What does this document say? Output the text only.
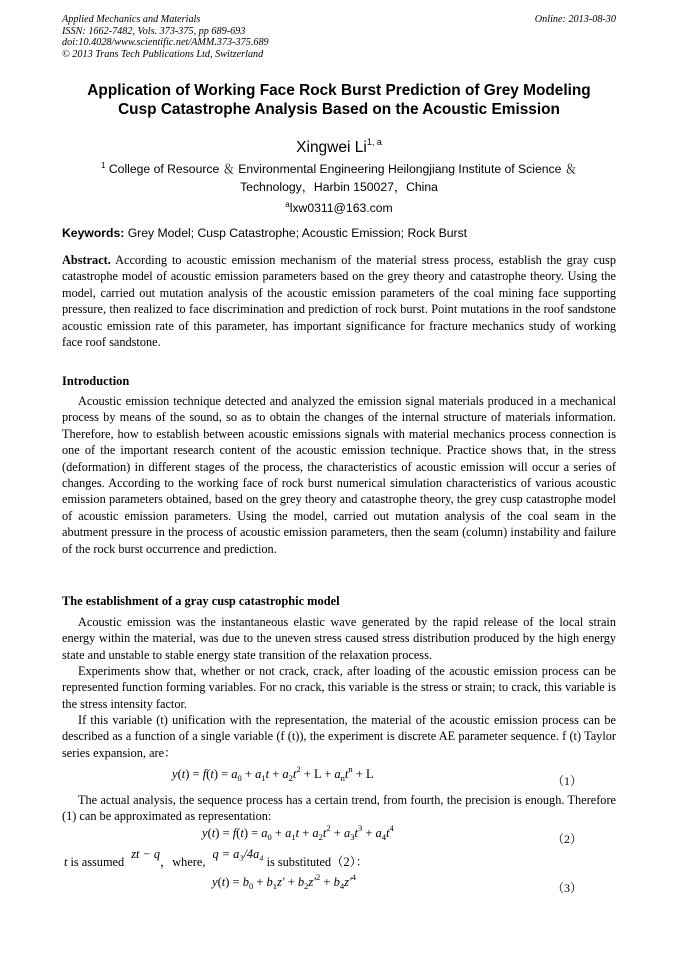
Applied Mechanics and Materials
ISSN: 1662-7482, Vols. 373-375, pp 689-693
doi:10.4028/www.scientific.net/AMM.373-375.689
© 2013 Trans Tech Publications Ltd, Switzerland
Online: 2013-08-30
Application of Working Face Rock Burst Prediction of Grey Modeling
Cusp Catastrophe Analysis Based on the Acoustic Emission
Xingwei Li$^{1, a}$
$^1$ College of Resource ＆ Environmental Engineering Heilongjiang Institute of Science ＆
Technology，Harbin 150027，China
$^a$lxw0311@163.com
Keywords: Grey Model; Cusp Catastrophe; Acoustic Emission; Rock Burst
Abstract. According to acoustic emission mechanism of the material stress process, establish the gray cusp catastrophe model of acoustic emission parameters based on the grey theory and catastrophe theory. Using the model, carried out mutation analysis of the acoustic emission parameters of the coal mining face supporting pressure, then realized to face discrimination and prediction of rock burst. Point mutations in the roof sandstone acoustic emission rate of this parameter, has important significance for fracture mechanics study of working face roof sandstone.
Introduction
Acoustic emission technique detected and analyzed the emission signal materials produced in a mechanical process by means of the sound, so as to obtain the changes of the internal structure of materials information. Therefore, how to establish between acoustic emissions signals with material mechanics process connection is one of the important research content of the acoustic emission technique. Practice shows that, in the stress (deformation) in different stages of the process, the characteristics of acoustic emission will occur a series of changes. According to the working face of rock burst numerical simulation characteristics of various acoustic emission parameters obtained, based on the grey theory and catastrophe theory, the grey cusp catastrophe model of acoustic emission parameters. Using the model, carried out mutation analysis of the coal seam in the abutment pressure in the process of acoustic emission parameters, then the seam (column) instability and failure of the rock burst occurrence and prediction.
The establishment of a gray cusp catastrophic model
Acoustic emission was the instantaneous elastic wave generated by the rapid release of the local strain energy within the material, was due to the uneven stress caused stress distribution produced by the high energy state and unstable to stable energy state transition of the relaxation process.
Experiments show that, whether or not crack, crack, after loading of the acoustic emission process can be represented function forming variables. For no crack, this variable is the stress or strain; to crack, this variable is the stress intensity factor.
If this variable (t) unification with the representation, the material of the acoustic emission process can be described as a function of a single variable (f (t)), the experiment is discrete AE parameter sequence. f (t) Taylor series expansion, are：
$y(t) = f(t) = a_0 + a_1t + a_2t^2 + L + a_nt^n + L$	（1）
The actual analysis, the sequence process has a certain trend, from fourth, the precision is enough. Therefore (1) can be approximated as representation:
$y(t) = f(t) = a_0 + a_1t + a_2t^2 + a_3t^3 + a_4t^4$
（2）
t is assumed zt − q，where, q = a₃/4a₄ is substituted（2）：
$y(t) = b_0 + b_1z' + b_2z'^2 + b_4z'^4$
（3）
